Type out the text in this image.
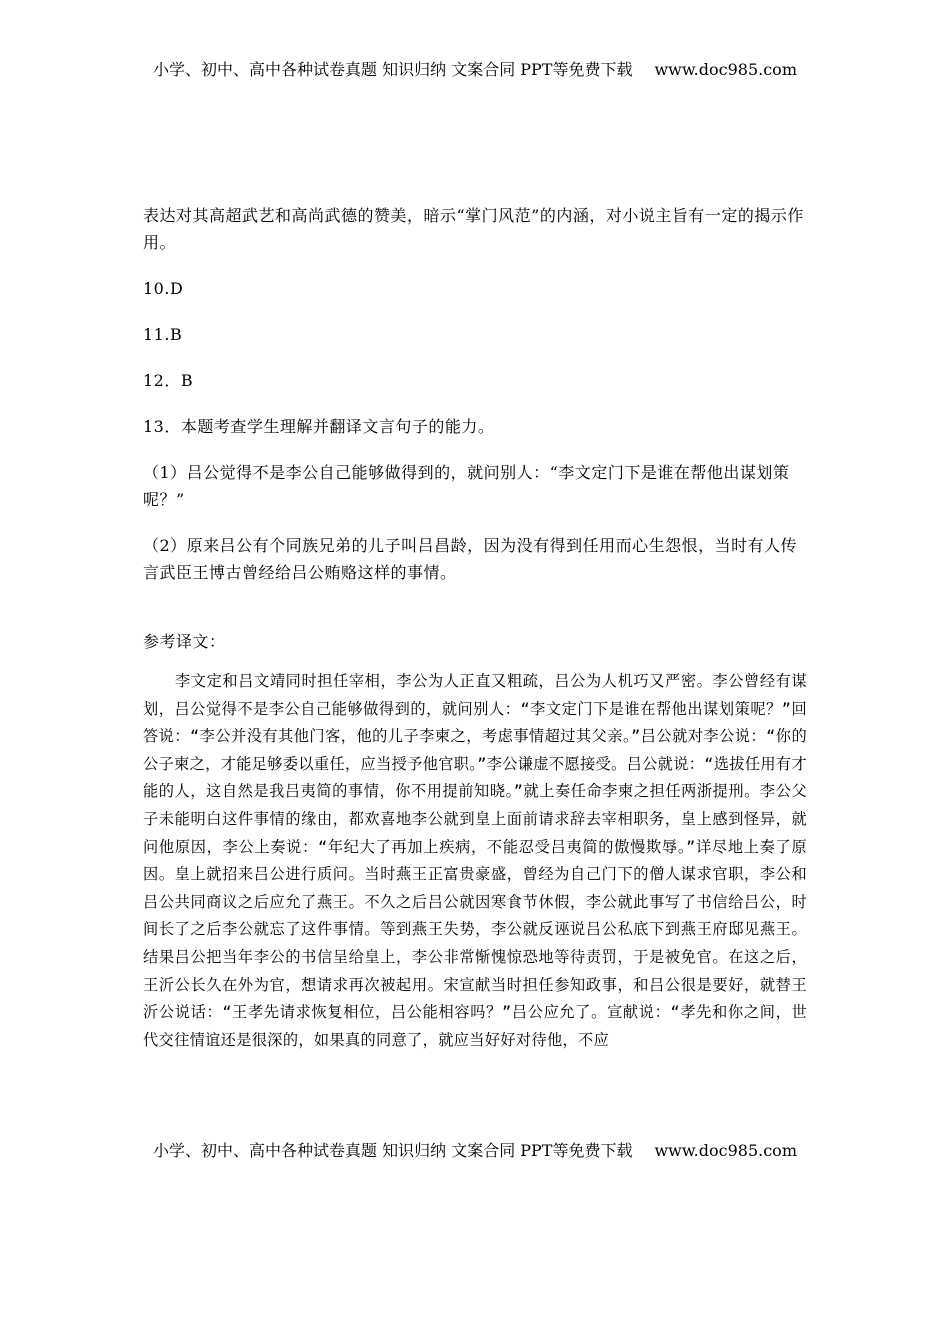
小学、初中、高中各种试卷真题 知识归纳 文案合同 PPT等免费下载 www.doc985.com

表达对其高超武艺和高尚武德的赞美，暗示“掌门风范”的内涵，对小说主旨有一定的揭示作用。

10.D

11.B

12．B

13．本题考查学生理解并翻译文言句子的能力。

（1）吕公觉得不是李公自己能够做得到的，就问别人：“李文定门下是谁在帮他出谋划策呢？”

（2）原来吕公有个同族兄弟的儿子叫吕昌龄，因为没有得到任用而心生怨恨，当时有人传言武臣王博古曾经给吕公贿赂这样的事情。

参考译文：

李文定和吕文靖同时担任宰相，李公为人正直又粗疏，吕公为人机巧又严密。李公曾经有谋划，吕公觉得不是李公自己能够做得到的，就问别人：“李文定门下是谁在帮他出谋划策呢？”回答说：“李公并没有其他门客，他的儿子李柬之，考虑事情超过其父亲。”吕公就对李公说：“你的公子柬之，才能足够委以重任，应当授予他官职。”李公谦虚不愿接受。吕公就说：“选拔任用有才能的人，这自然是我吕夷简的事情，你不用提前知晓。”就上奏任命李柬之担任两浙提刑。李公父子未能明白这件事情的缘由，都欢喜地李公就到皇上面前请求辞去宰相职务，皇上感到怪异，就问他原因，李公上奏说：“年纪大了再加上疾病，不能忍受吕夷简的傲慢欺辱。”详尽地上奏了原因。皇上就招来吕公进行质问。当时燕王正富贵豪盛，曾经为自己门下的僧人谋求官职，李公和吕公共同商议之后应允了燕王。不久之后吕公就因寒食节休假，李公就此事写了书信给吕公，时间长了之后李公就忘了这件事情。等到燕王失势，李公就反诬说吕公私底下到燕王府邸见燕王。结果吕公把当年李公的书信呈给皇上，李公非常惭愧惊恐地等待责罚，于是被免官。在这之后，王沂公长久在外为官，想请求再次被起用。宋宣献当时担任参知政事，和吕公很是要好，就替王沂公说话：“王孝先请求恢复相位，吕公能相容吗？”吕公应允了。宣献说：“孝先和你之间，世代交往情谊还是很深的，如果真的同意了，就应当好好对待他，不应

小学、初中、高中各种试卷真题 知识归纳 文案合同 PPT等免费下载 www.doc985.com
